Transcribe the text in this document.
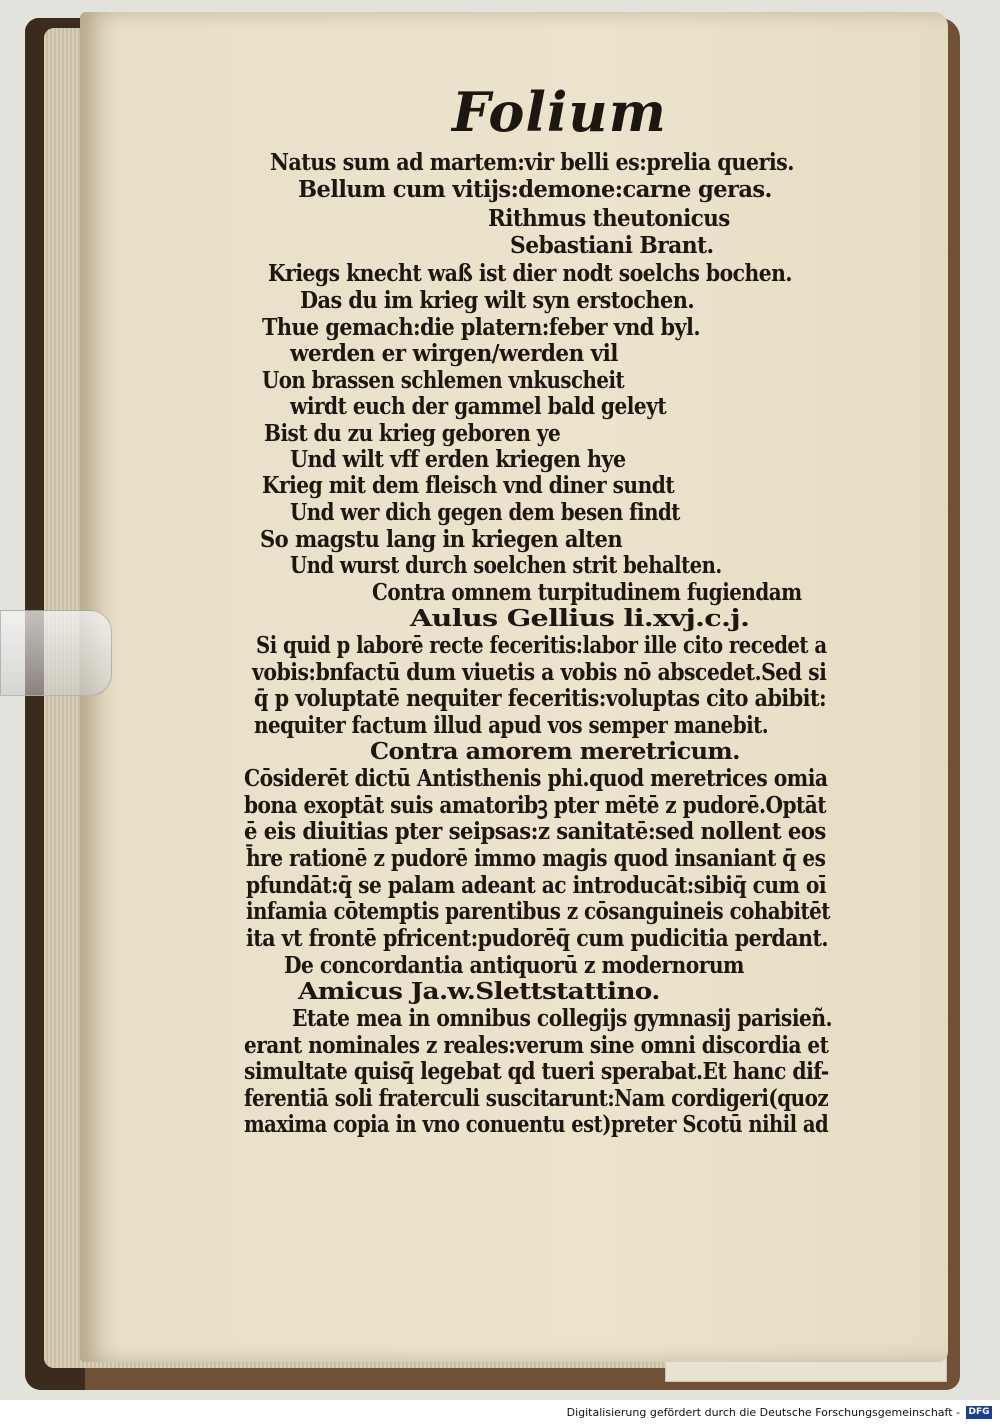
Folium
Natus sum ad martem:vir belli es:prelia queris.
Bellum cum vitijs:demone:carne geras.
Rithmus theutonicus
Sebastiani Brant.
Kriegs knecht waß ist dier nodt soelchs bochen.
Das du im krieg wilt syn erstochen.
Thue gemach:die platern:feber vnd byl.
werden er wirgen/werden vil
Uon brassen schlemen vnkuscheit
wirdt euch der gammel bald geleyt
Bist du zu krieg geboren ye
Und wilt vff erden kriegen hye
Krieg mit dem fleisch vnd diner sundt
Und wer dich gegen dem besen findt
So magstu lang in kriegen alten
Und wurst durch soelchen strit behalten.
Contra omnem turpitudinem fugiendam
Aulus Gellius li.xvj.c.j.
Si quid p laborē recte feceritis:labor ille cito recedet a
vobis:bnfactū dum viuetis a vobis nō abscedet.Sed si
q̄ p voluptatē nequiter feceritis:voluptas cito abibit:
nequiter factum illud apud vos semper manebit.
Contra amorem meretricum.
Cōsiderēt dictū Antisthenis phi.quod meretrices omia
bona exoptāt suis amatoribꝫ pter mētē z pudorē.Optāt
ē eis diuitias pter seipsas:z sanitatē:sed nollent eos
h̄re rationē z pudorē immo magis quod insaniant q̄ es
pfundāt:q̄ se palam adeant ac introducāt:sibiq̄ cum oī
infamia cōtemptis parentibus z cōsanguineis cohabitēt
ita vt frontē pfricent:pudorēq̄ cum pudicitia perdant.
De concordantia antiquorū z modernorum
Amicus Ja.w.Slettstattino.
Etate mea in omnibus collegijs gymnasij parisieñ.
erant nominales z reales:verum sine omni discordia et
simultate quisq̄ legebat qd tueri sperabat.Et hanc dif-
ferentiā soli fraterculi suscitarunt:Nam cordigeri(quoz
maxima copia in vno conuentu est)preter Scotū nihil ad
Digitalisierung gefördert durch die Deutsche Forschungsgemeinschaft - DFG
